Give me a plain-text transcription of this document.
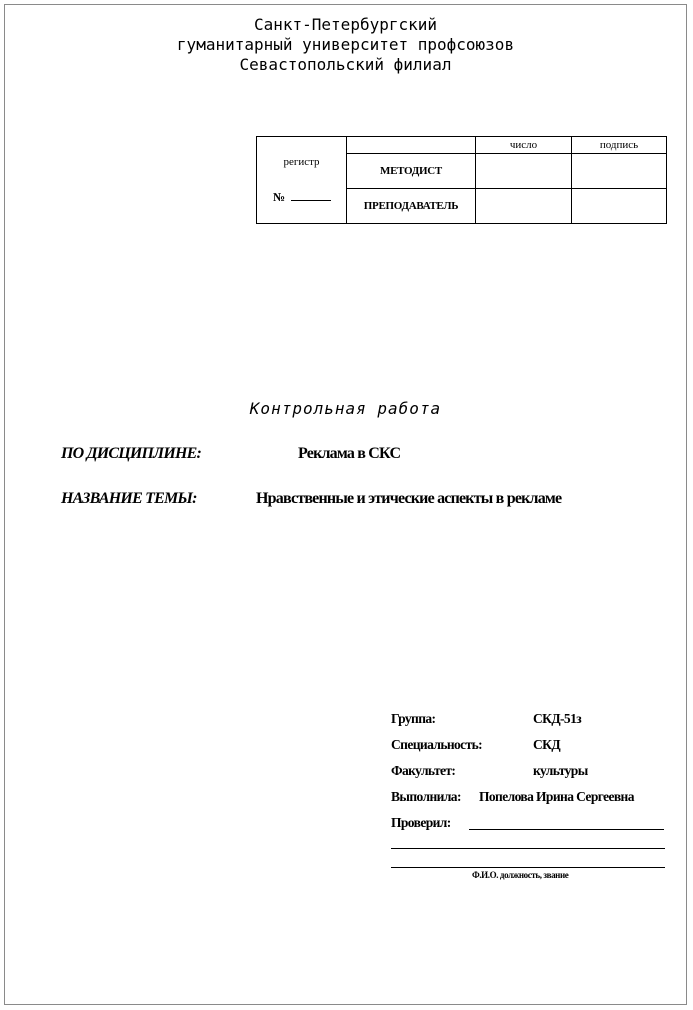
Санкт-Петербургский
гуманитарный университет профсоюзов
Севастопольский филиал
регистр
№		число	подпись
	МЕТОДИСТ		
	ПРЕПОДАВАТЕЛЬ		
Контрольная работа
ПО ДИСЦИПЛИНЕ:	Реклама в СКС
НАЗВАНИЕ ТЕМЫ:	Нравственные и этические аспекты в рекламе
Группа:	СКД-51з
Специальность:	СКД
Факультет:	культуры
Выполнила: Попелова Ирина Сергеевна
Проверил:
Ф.И.О. должность, звание
